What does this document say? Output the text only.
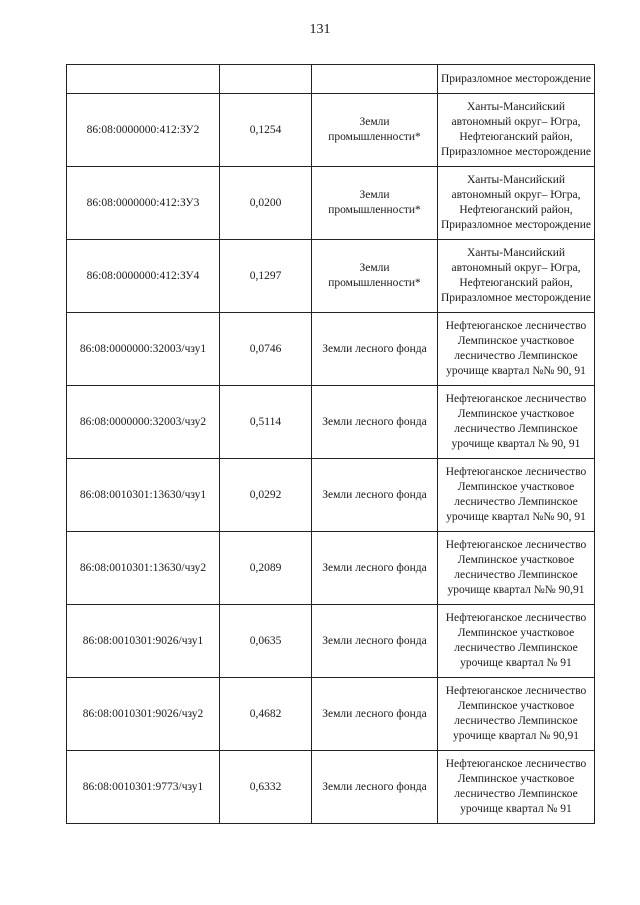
131
			Приразломное месторождение
86:08:0000000:412:ЗУ2	0,1254	Земли промышленности*	Ханты-Мансийский автономный округ– Югра, Нефтеюганский район, Приразломное месторождение
86:08:0000000:412:ЗУ3	0,0200	Земли промышленности*	Ханты-Мансийский автономный округ– Югра, Нефтеюганский район, Приразломное месторождение
86:08:0000000:412:ЗУ4	0,1297	Земли промышленности*	Ханты-Мансийский автономный округ– Югра, Нефтеюганский район, Приразломное месторождение
86:08:0000000:32003/чзу1	0,0746	Земли лесного фонда	Нефтеюганское лесничество Лемпинское участковое лесничество Лемпинское урочище квартал №№ 90, 91
86:08:0000000:32003/чзу2	0,5114	Земли лесного фонда	Нефтеюганское лесничество Лемпинское участковое лесничество Лемпинское урочище квартал № 90, 91
86:08:0010301:13630/чзу1	0,0292	Земли лесного фонда	Нефтеюганское лесничество Лемпинское участковое лесничество Лемпинское урочище квартал №№ 90, 91
86:08:0010301:13630/чзу2	0,2089	Земли лесного фонда	Нефтеюганское лесничество Лемпинское участковое лесничество Лемпинское урочище квартал №№ 90,91
86:08:0010301:9026/чзу1	0,0635	Земли лесного фонда	Нефтеюганское лесничество Лемпинское участковое лесничество Лемпинское урочище квартал № 91
86:08:0010301:9026/чзу2	0,4682	Земли лесного фонда	Нефтеюганское лесничество Лемпинское участковое лесничество Лемпинское урочище квартал № 90,91
86:08:0010301:9773/чзу1	0,6332	Земли лесного фонда	Нефтеюганское лесничество Лемпинское участковое лесничество Лемпинское урочище квартал № 91
